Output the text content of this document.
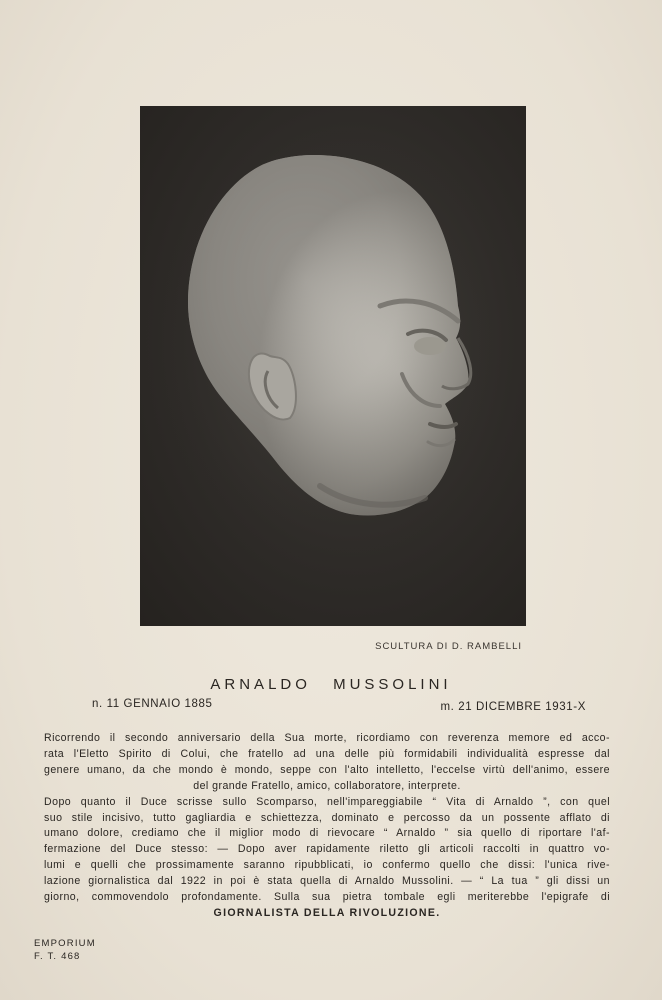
SCULTURA DI D. RAMBELLI
ARNALDO MUSSOLINI
n. 11 GENNAIO 1885	m. 21 DICEMBRE 1931-X
Ricorrendo il secondo anniversario della Sua morte, ricordiamo con reverenza memore ed acco-
rata l'Eletto Spirito di Colui, che fratello ad una delle più formidabili individualità espresse dal
genere umano, da che mondo è mondo, seppe con l'alto intelletto, l'eccelse virtù dell'animo, essere
del grande Fratello, amico, collaboratore, interprete.
Dopo quanto il Duce scrisse sullo Scomparso, nell'impareggiabile “ Vita di Arnaldo ”, con quel
suo stile incisivo, tutto gagliardia e schiettezza, dominato e percosso da un possente afflato di
umano dolore, crediamo che il miglior modo di rievocare “ Arnaldo ” sia quello di riportare l'af-
fermazione del Duce stesso: — Dopo aver rapidamente riletto gli articoli raccolti in quattro vo-
lumi e quelli che prossimamente saranno ripubblicati, io confermo quello che dissi: l'unica rive-
lazione giornalistica dal 1922 in poi è stata quella di Arnaldo Mussolini. — “ La tua ” gli dissi un
giorno, commovendolo profondamente. Sulla sua pietra tombale egli meriterebbe l'epigrafe di
GIORNALISTA DELLA RIVOLUZIONE.
EMPORIUM
F. T. 468
